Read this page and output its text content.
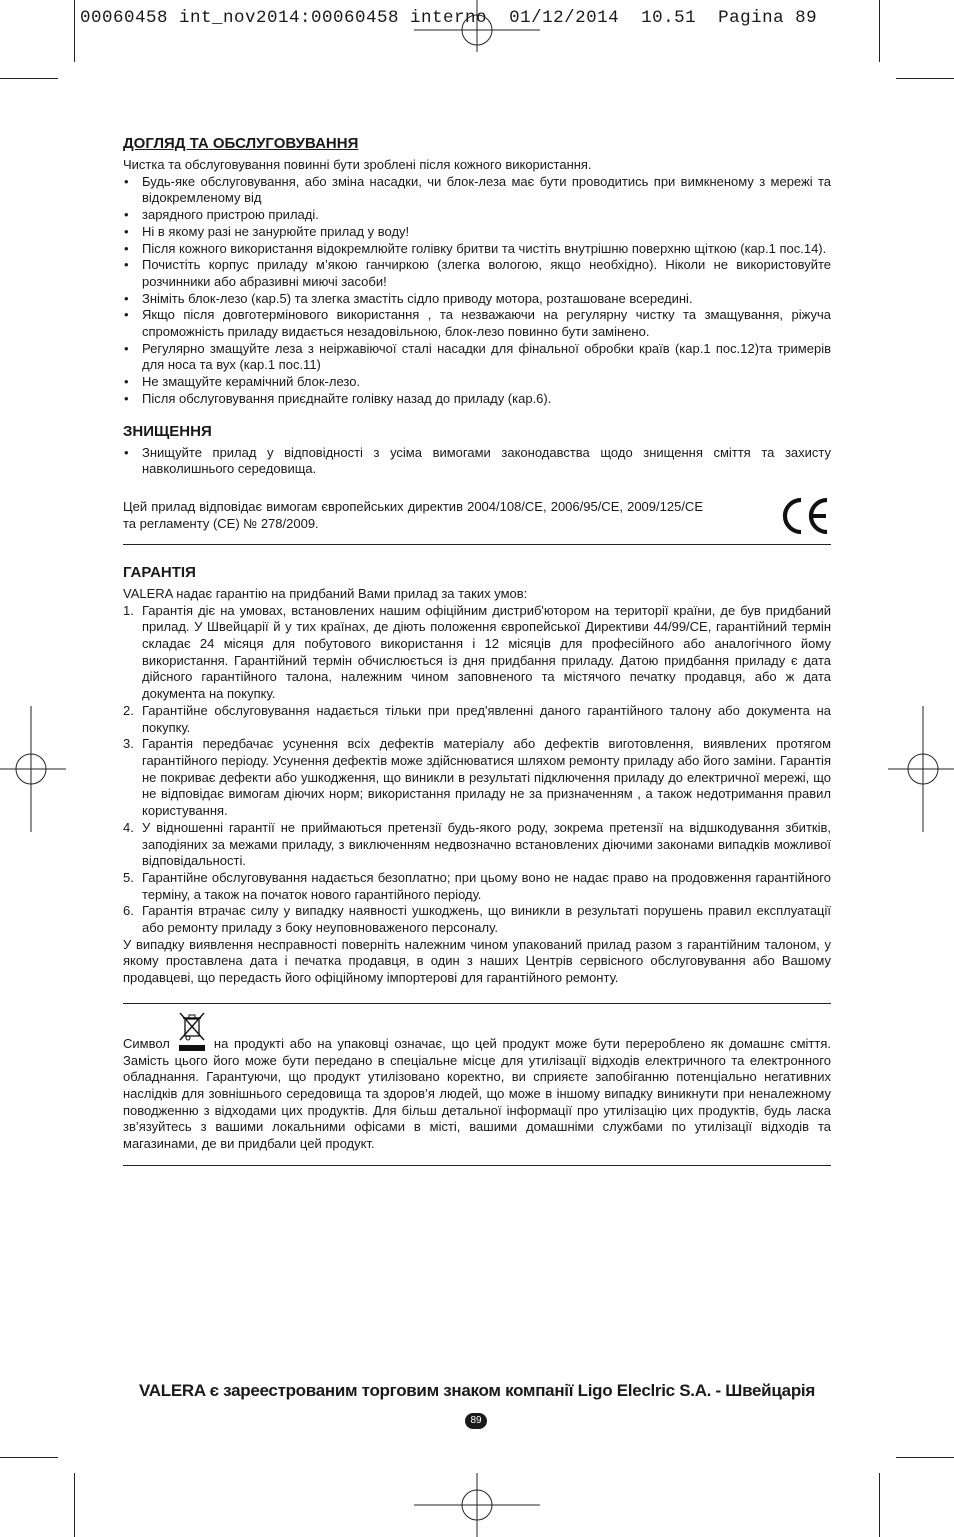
00060458 int_nov2014:00060458 interno  01/12/2014  10.51  Pagina 89
ДОГЛЯД ТА ОБСЛУГОВУВАННЯ

Чистка та обслуговування повинні бути зроблені після кожного використання.

• Будь-яке обслуговування, або зміна насадки, чи блок-леза має бути проводитись при вимкненому з мережі та відокремленому від
• зарядного пристрою приладі.
• Ні в якому разі не занурюйте прилад у воду!
• Після кожного використання відокремлюйте голівку бритви та чистіть внутрішню поверхню щіткою (кар.1 пос.14).
• Почистіть корпус приладу м’якою ганчиркою (злегка вологою, якщо необхідно). Ніколи не використовуйте розчинники або абразивні миючі засоби!
• Зніміть блок-лезо (кар.5) та злегка змастіть сідло приводу мотора, розташоване всередині.
• Якщо після довготермінового використання , та незважаючи на регулярну чистку та змащування, ріжуча спроможність приладу видається незадовільною, блок-лезо повинно бути замінено.
• Регулярно змащуйте леза з неіржавіючої сталі насадки для фінальної обробки країв (кар.1 пос.12)та тримерів для носа та вух (кар.1 пос.11)
• Не змащуйте керамічний блок-лезо.
• Після обслуговування приєднайте голівку назад до приладу (кар.6).
ЗНИЩЕННЯ
• Знищуйте прилад у відповідності з усіма вимогами законодавства щодо знищення сміття та захисту навколишнього середовища.

Цей прилад відповідає вимогам європейських директив 2004/108/CE, 2006/95/CE, 2009/125/CE та регламенту (CE) № 278/2009.

ГАРАНТІЯ

VALERA надає гарантію на придбаний Вами прилад за таких умов:

1. Гарантія діє на умовах, встановлених нашим офіційним дистриб'ютором на території країни, де був придбаний прилад. У Швейцарії й у тих країнах, де діють положення європейської Директиви 44/99/CE, гарантійний термін складає 24 місяця для побутового використання і 12 місяців для професійного або аналогічного йому використання. Гарантійний термін обчислюється із дня придбання приладу. Датою придбання приладу є дата дійсного гарантійного талона, належним чином заповненого та містячого печатку продавця, або ж дата документа на покупку.
2. Гарантійне обслуговування надається тільки при пред'явленні даного гарантійного талону або документа на покупку.
3. Гарантія передбачає усунення всіх дефектів матеріалу або дефектів виготовлення, виявлених протягом гарантійного періоду. Усунення дефектів може здійснюватися шляхом ремонту приладу або його заміни. Гарантія не покриває дефекти або ушкодження, що виникли в результаті підключення приладу до електричної мережі, що не відповідає вимогам діючих норм; використання приладу не за призначенням , а також недотримання правил користування.
4. У відношенні гарантії не приймаються претензії будь-якого роду, зокрема претензії на відшкодування збитків, заподіяних за межами приладу, з виключенням недвозначно встановлених діючими законами випадків можливої відповідальності.
5. Гарантійне обслуговування надається безоплатно; при цьому воно не надає право на продовження гарантійного терміну, а також на початок нового гарантійного періоду.
6. Гарантія втрачає силу у випадку наявності ушкоджень, що виникли в результаті порушень правил експлуатації або ремонту приладу з боку неуповноваженого персоналу.

У випадку виявлення несправності поверніть належним чином упакований прилад разом з гарантійним талоном, у якому проставлена дата і печатка продавця, в один з наших Центрів сервісного обслуговування або Вашому продавцеві, що передасть його офіційному імпортерові для гарантійного ремонту.

Символ	на продукті або на упаковці означає, що цей продукт може бути перероблено як домашнє сміття. Замість цього його може бути передано в спеціальне місце для утилізації відходів електричного та електронного обладнання. Гарантуючи, що продукт утилізовано коректно, ви сприяєте запобіганню потенціально негативних наслідків для зовнішнього середовища та здоров’я людей, що може в іншому випадку виникнути при неналежному поводженню з відходами цих продуктів. Для більш детальної інформації про утилізацію цих продуктів, будь ласка зв’язуйтесь з вашими локальними офісами в місті, вашими домашніми службами по утилізації відходів та магазинами, де ви придбали цей продукт.

VALERA є зареестрованим торговим знаком компанії Ligo Eleclric S.A. - Швейцарія
89
